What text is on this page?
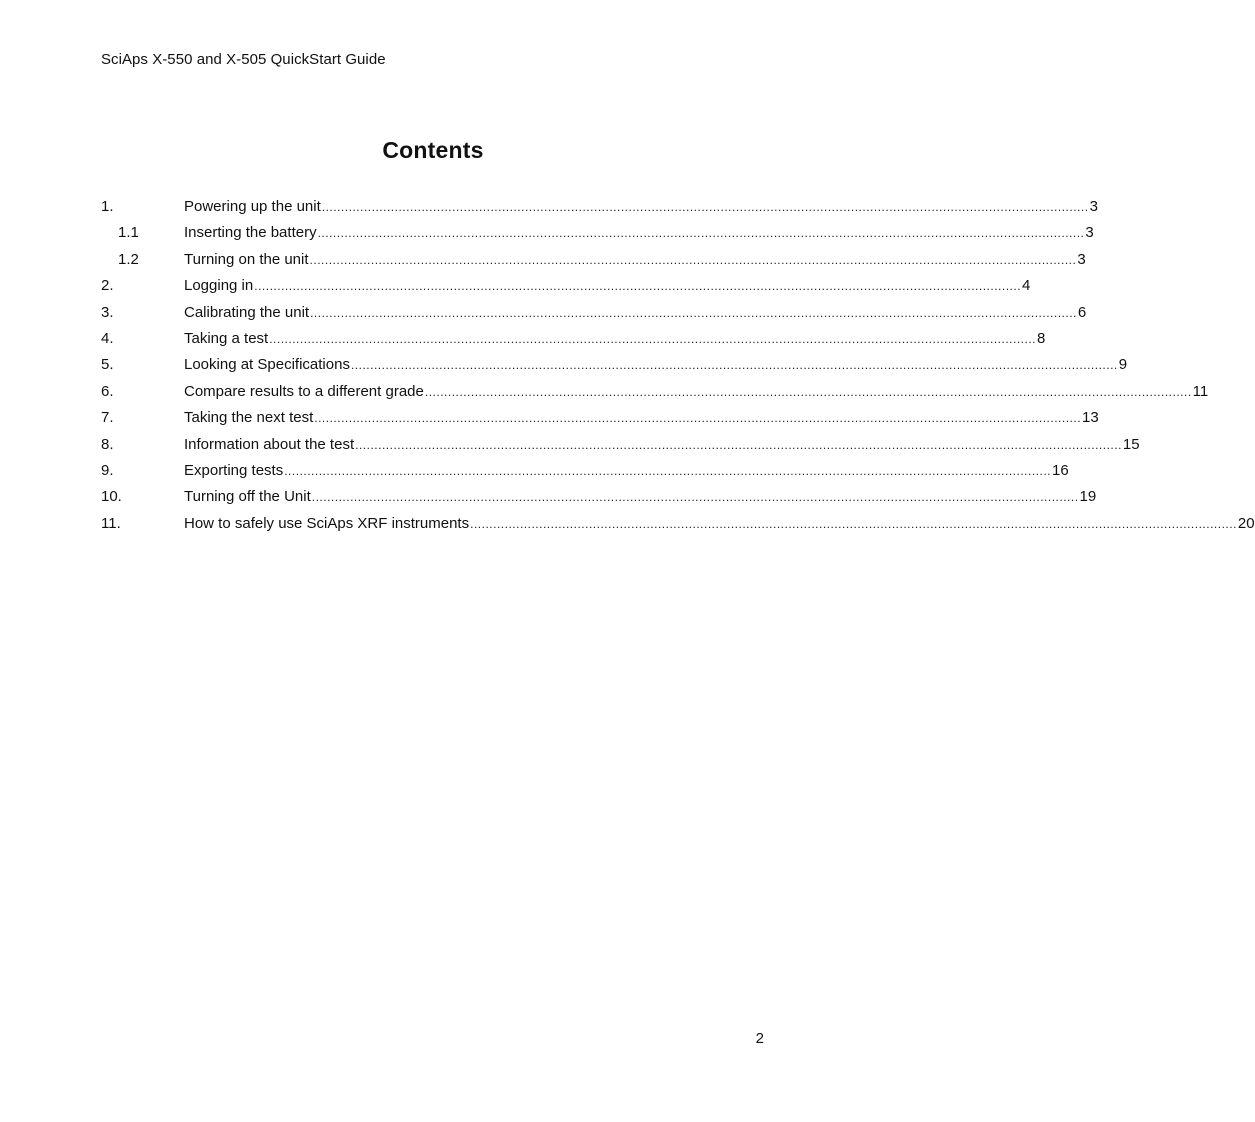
SciAps X-550 and X-505 QuickStart Guide
Contents
1.	Powering up the unit ........................................................................................................................................................................................................ 3
1.1	Inserting the battery ........................................................................................................................................................................................................ 3
1.2	Turning on the unit ........................................................................................................................................................................................................ 3
2.	Logging in ........................................................................................................................................................................................................ 4
3.	Calibrating the unit ........................................................................................................................................................................................................ 6
4.	Taking a test ........................................................................................................................................................................................................ 8
5.	Looking at Specifications ........................................................................................................................................................................................................ 9
6.	Compare results to a different grade ........................................................................................................................................................................................................ 11
7.	Taking the next test ........................................................................................................................................................................................................ 13
8.	Information about the test ........................................................................................................................................................................................................ 15
9.	Exporting tests ........................................................................................................................................................................................................ 16
10.	Turning off the Unit ........................................................................................................................................................................................................ 19
11.	How to safely use SciAps XRF instruments ........................................................................................................................................................................................................ 20
2
